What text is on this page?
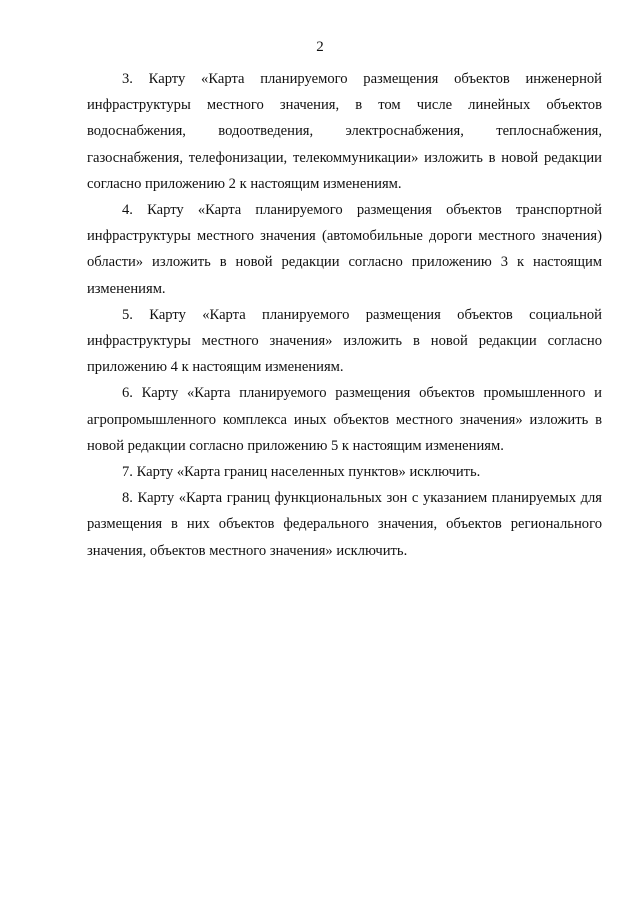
2

3. Карту «Карта планируемого размещения объектов инженерной инфраструктуры местного значения, в том числе линейных объектов водоснабжения, водоотведения, электроснабжения, теплоснабжения, газоснабжения, телефонизации, телекоммуникации» изложить в новой редакции согласно приложению 2 к настоящим изменениям.

4. Карту «Карта планируемого размещения объектов транспортной инфраструктуры местного значения (автомобильные дороги местного значения) области» изложить в новой редакции согласно приложению 3 к настоящим изменениям.

5. Карту «Карта планируемого размещения объектов социальной инфраструктуры местного значения» изложить в новой редакции согласно приложению 4 к настоящим изменениям.

6. Карту «Карта планируемого размещения объектов промышленного и агропромышленного комплекса иных объектов местного значения» изложить в новой редакции согласно приложению 5 к настоящим изменениям.

7. Карту «Карта границ населенных пунктов» исключить.

8. Карту «Карта границ функциональных зон с указанием планируемых для размещения в них объектов федерального значения, объектов регионального значения, объектов местного значения» исключить.
